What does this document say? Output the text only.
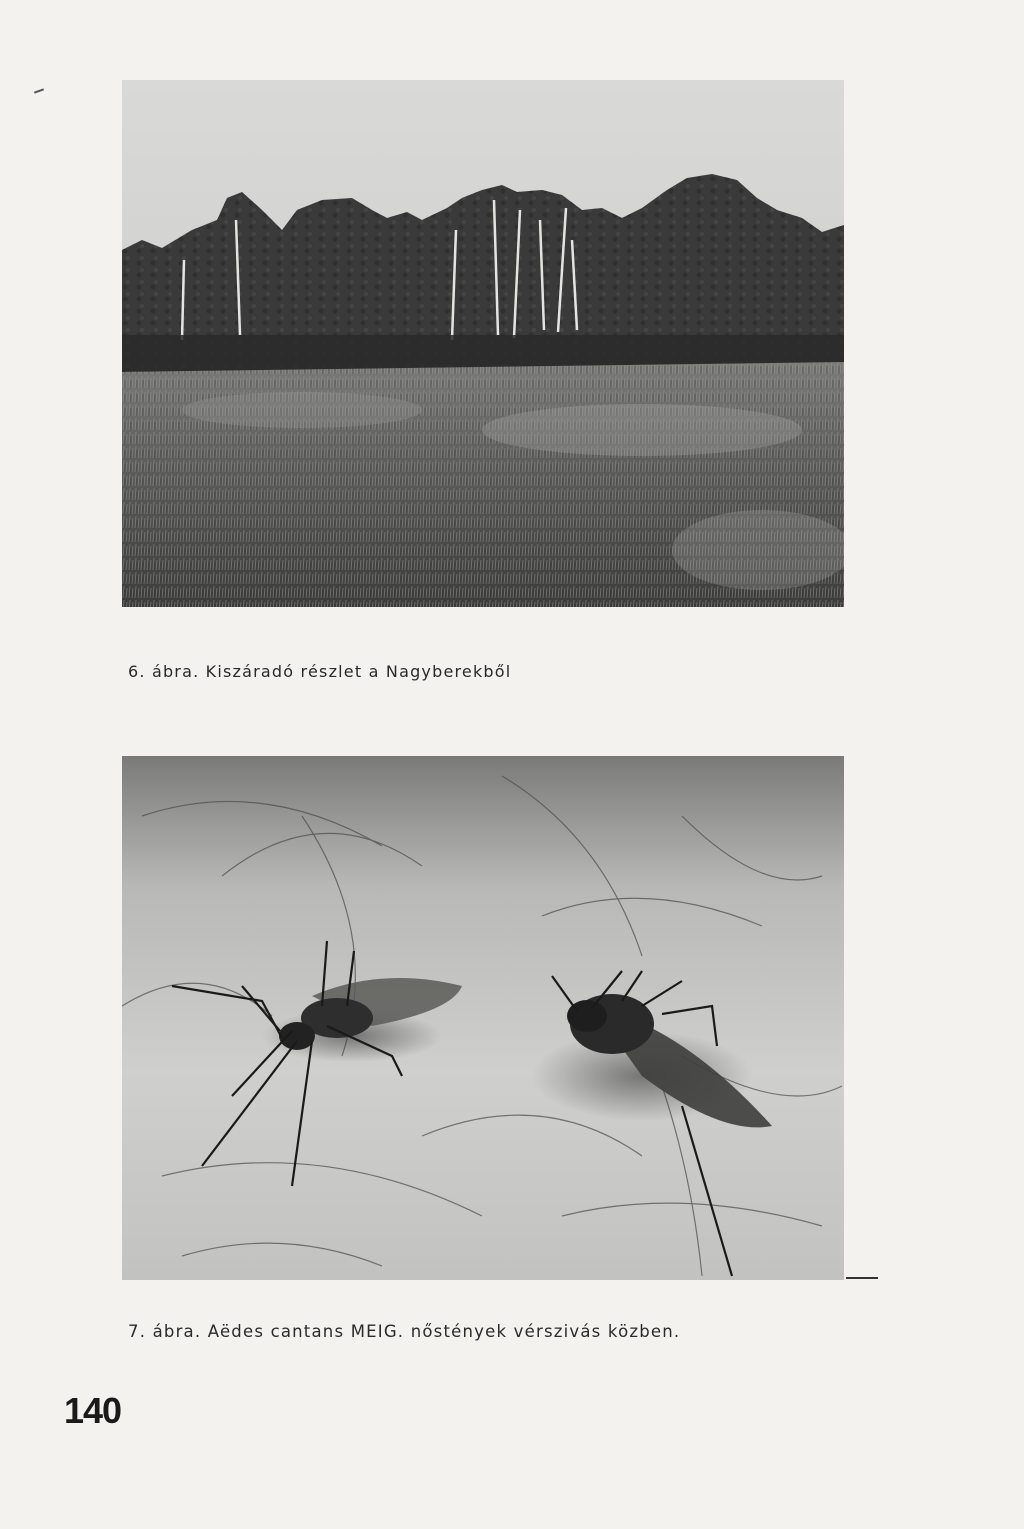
6. ábra. Kiszáradó részlet a Nagyberekből
7. ábra. Aëdes cantans MEIG. nőstények vérszivás közben.
140
